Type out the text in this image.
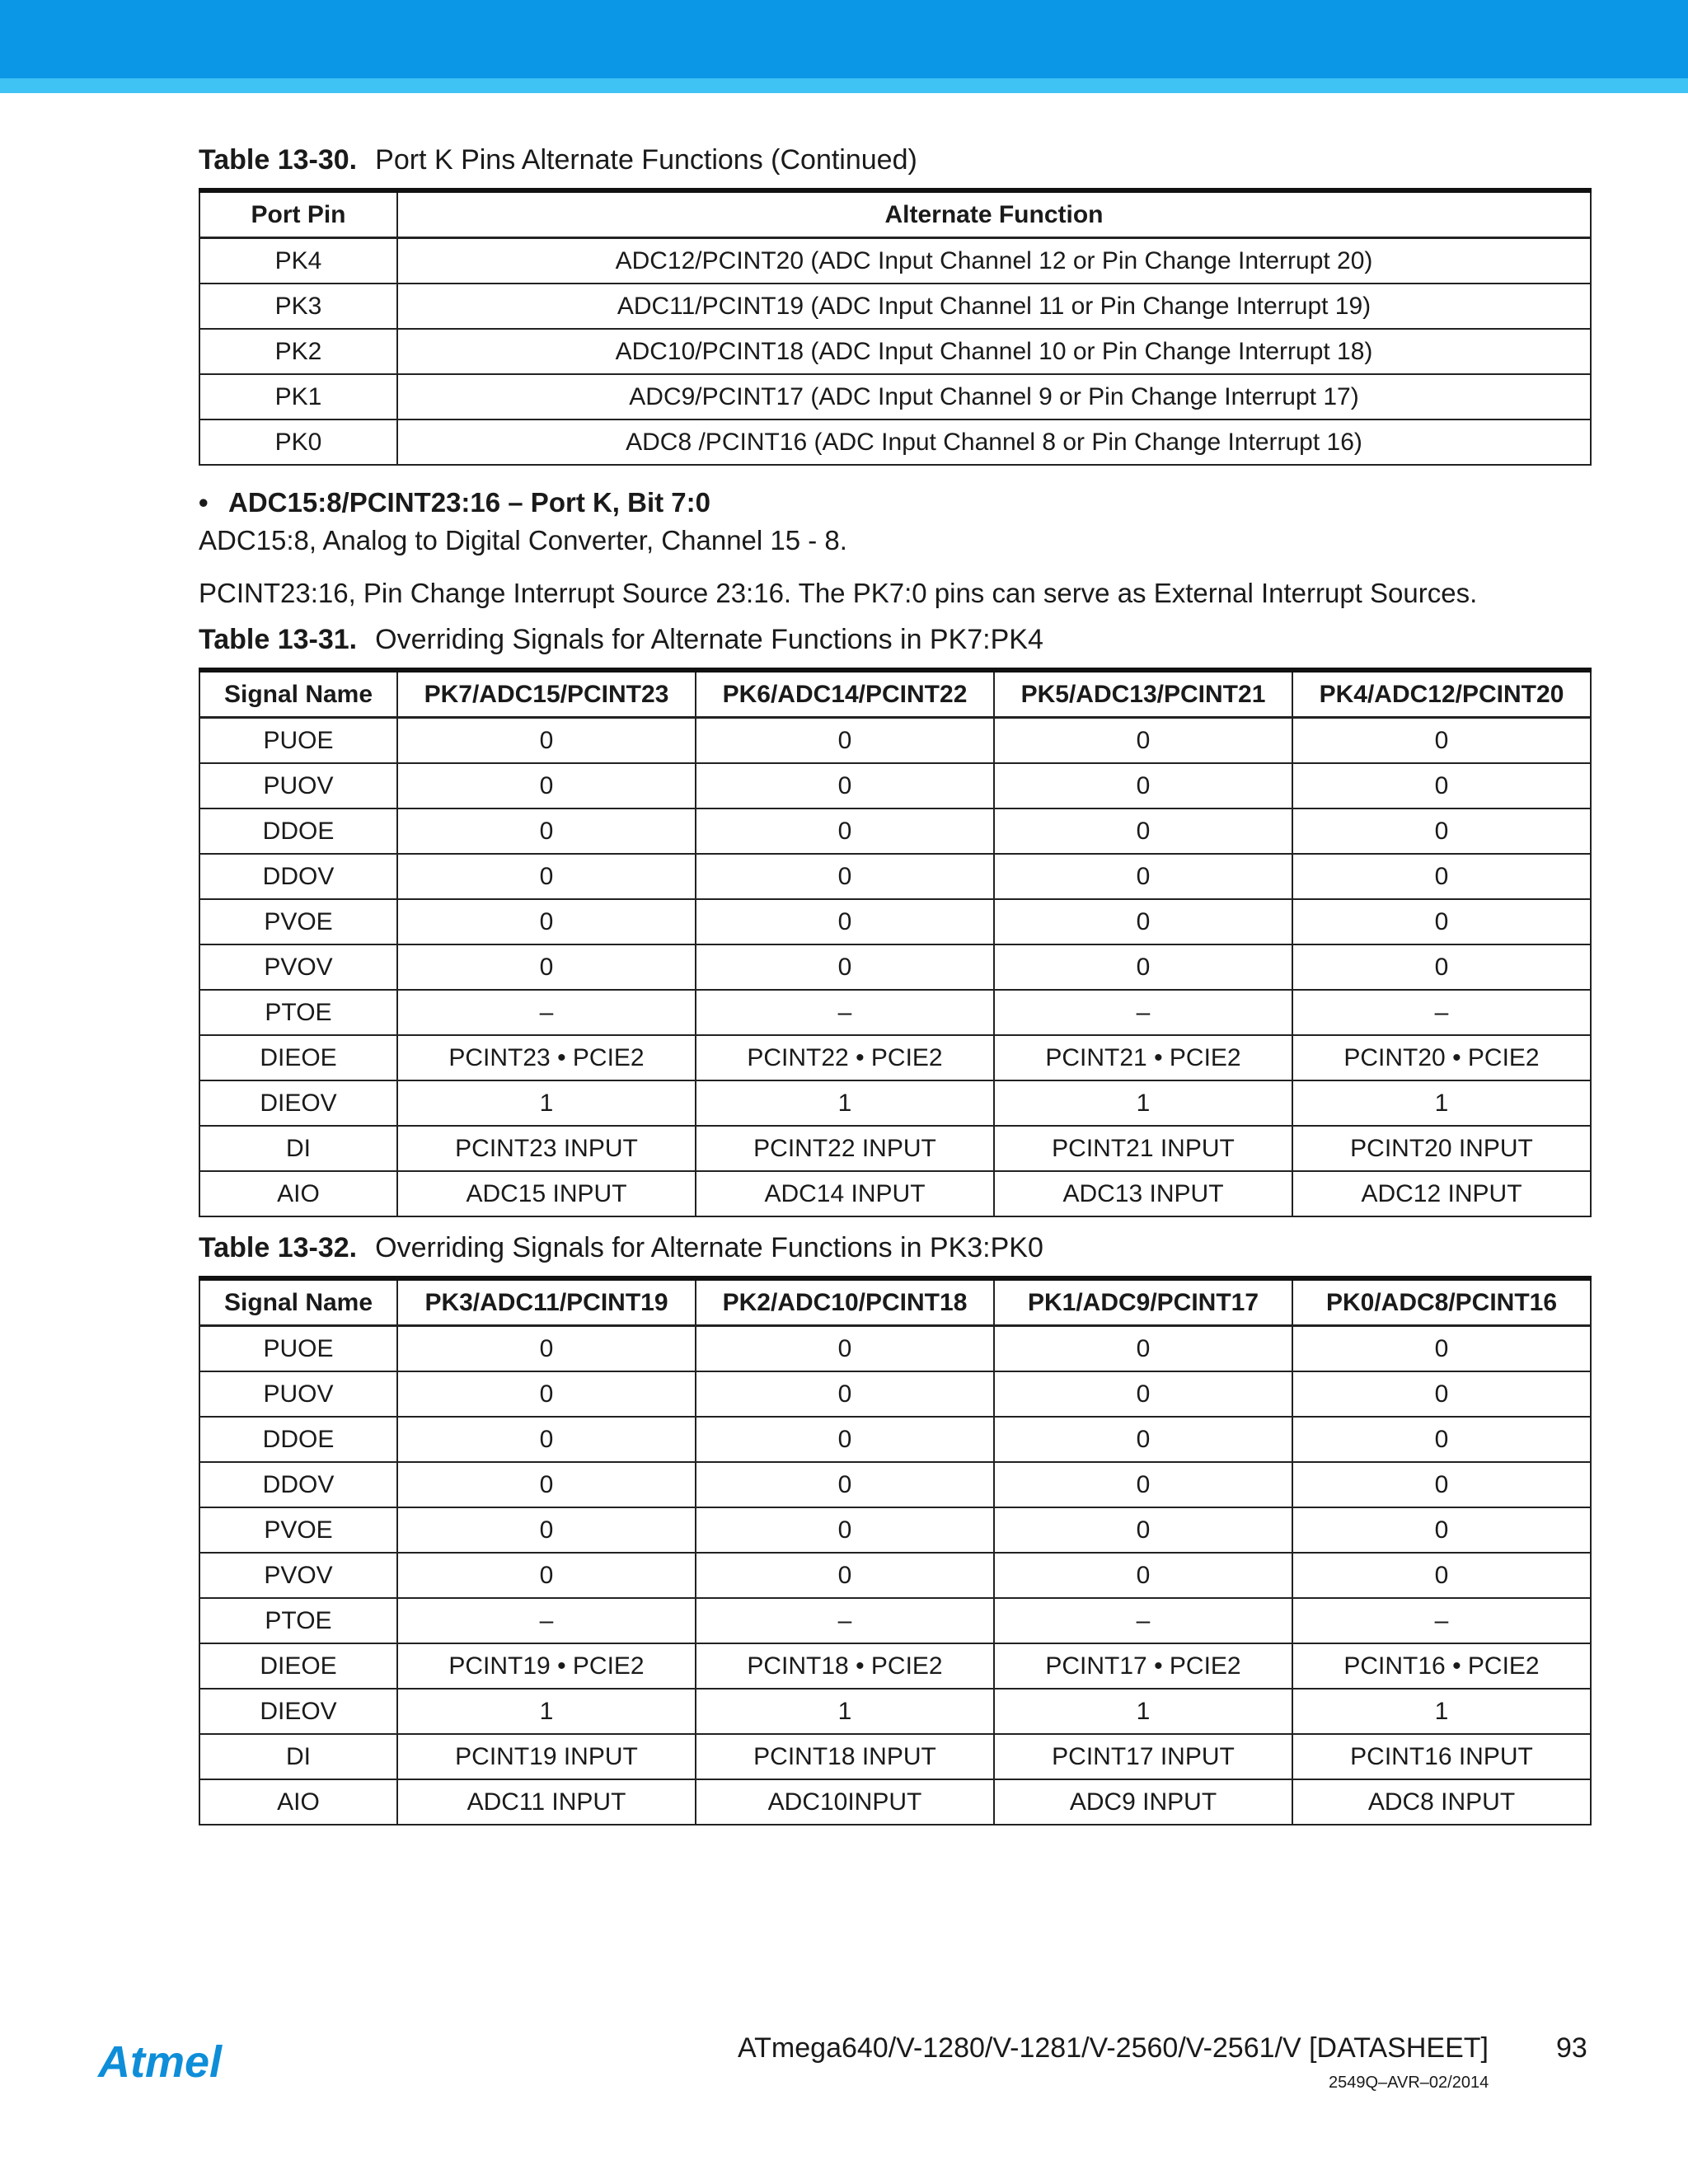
Table 13-30. Port K Pins Alternate Functions (Continued)
Port Pin	Alternate Function
PK4	ADC12/PCINT20 (ADC Input Channel 12 or Pin Change Interrupt 20)
PK3	ADC11/PCINT19 (ADC Input Channel 11 or Pin Change Interrupt 19)
PK2	ADC10/PCINT18 (ADC Input Channel 10 or Pin Change Interrupt 18)
PK1	ADC9/PCINT17 (ADC Input Channel 9 or Pin Change Interrupt 17)
PK0	ADC8 /PCINT16 (ADC Input Channel 8 or Pin Change Interrupt 16)
• ADC15:8/PCINT23:16 – Port K, Bit 7:0
ADC15:8, Analog to Digital Converter, Channel 15 - 8.
PCINT23:16, Pin Change Interrupt Source 23:16. The PK7:0 pins can serve as External Interrupt Sources.
Table 13-31. Overriding Signals for Alternate Functions in PK7:PK4
Signal Name	PK7/ADC15/PCINT23	PK6/ADC14/PCINT22	PK5/ADC13/PCINT21	PK4/ADC12/PCINT20
PUOE	0	0	0	0
PUOV	0	0	0	0
DDOE	0	0	0	0
DDOV	0	0	0	0
PVOE	0	0	0	0
PVOV	0	0	0	0
PTOE	–	–	–	–
DIEOE	PCINT23 • PCIE2	PCINT22 • PCIE2	PCINT21 • PCIE2	PCINT20 • PCIE2
DIEOV	1	1	1	1
DI	PCINT23 INPUT	PCINT22 INPUT	PCINT21 INPUT	PCINT20 INPUT
AIO	ADC15 INPUT	ADC14 INPUT	ADC13 INPUT	ADC12 INPUT
Table 13-32. Overriding Signals for Alternate Functions in PK3:PK0
Signal Name	PK3/ADC11/PCINT19	PK2/ADC10/PCINT18	PK1/ADC9/PCINT17	PK0/ADC8/PCINT16
PUOE	0	0	0	0
PUOV	0	0	0	0
DDOE	0	0	0	0
DDOV	0	0	0	0
PVOE	0	0	0	0
PVOV	0	0	0	0
PTOE	–	–	–	–
DIEOE	PCINT19 • PCIE2	PCINT18 • PCIE2	PCINT17 • PCIE2	PCINT16 • PCIE2
DIEOV	1	1	1	1
DI	PCINT19 INPUT	PCINT18 INPUT	PCINT17 INPUT	PCINT16 INPUT
AIO	ADC11 INPUT	ADC10INPUT	ADC9 INPUT	ADC8 INPUT
Atmel	ATmega640/V-1280/V-1281/V-2560/V-2561/V [DATASHEET] 93
2549Q–AVR–02/2014
